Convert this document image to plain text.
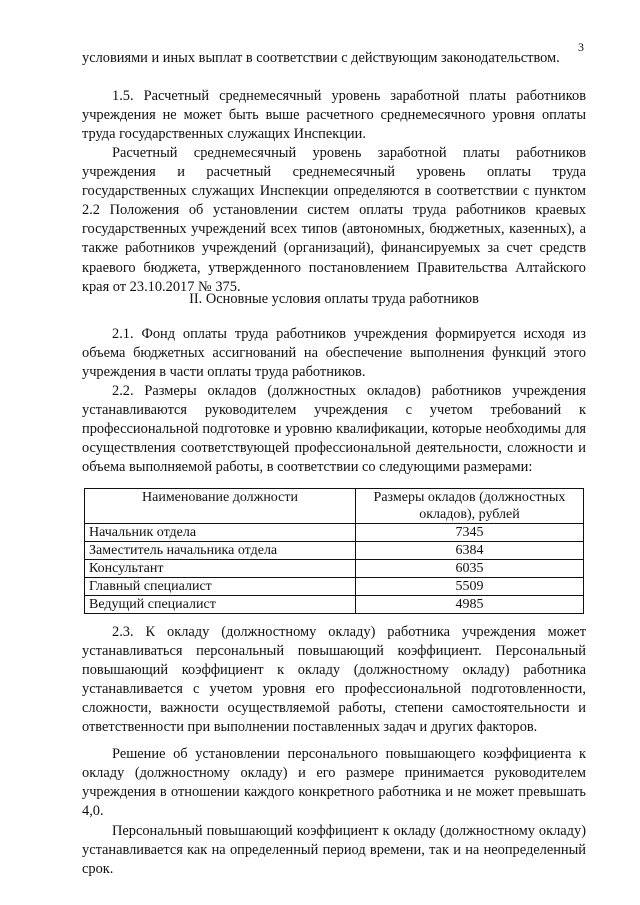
3

условиями и иных выплат в соответствии с действующим законодательством.

1.5. Расчетный среднемесячный уровень заработной платы работников учреждения не может быть выше расчетного среднемесячного уровня оплаты труда государственных служащих Инспекции.

Расчетный среднемесячный уровень заработной платы работников учреждения и расчетный среднемесячный уровень оплаты труда государственных служащих Инспекции определяются в соответствии с пунктом 2.2 Положения об установлении систем оплаты труда работников краевых государственных учреждений всех типов (автономных, бюджетных, казенных), а также работников учреждений (организаций), финансируемых за счет средств краевого бюджета, утвержденного постановлением Правительства Алтайского края от 23.10.2017 № 375.

II. Основные условия оплаты труда работников

2.1. Фонд оплаты труда работников учреждения формируется исходя из объема бюджетных ассигнований на обеспечение выполнения функций этого учреждения в части оплаты труда работников.

2.2. Размеры окладов (должностных окладов) работников учреждения устанавливаются руководителем учреждения с учетом требований к профессиональной подготовке и уровню квалификации, которые необходимы для осуществления соответствующей профессиональной деятельности, сложности и объема выполняемой работы, в соответствии со следующими размерами:

Наименование должности	Размеры окладов (должностных окладов), рублей
Начальник отдела	7345
Заместитель начальника отдела	6384
Консультант	6035
Главный специалист	5509
Ведущий специалист	4985

2.3. К окладу (должностному окладу) работника учреждения может устанавливаться персональный повышающий коэффициент. Персональный повышающий коэффициент к окладу (должностному окладу) работника устанавливается с учетом уровня его профессиональной подготовленности, сложности, важности осуществляемой работы, степени самостоятельности и ответственности при выполнении поставленных задач и других факторов.

Решение об установлении персонального повышающего коэффициента к окладу (должностному окладу) и его размере принимается руководителем учреждения в отношении каждого конкретного работника и не может превышать 4,0.

Персональный повышающий коэффициент к окладу (должностному окладу) устанавливается как на определенный период времени, так и на неопределенный срок.
